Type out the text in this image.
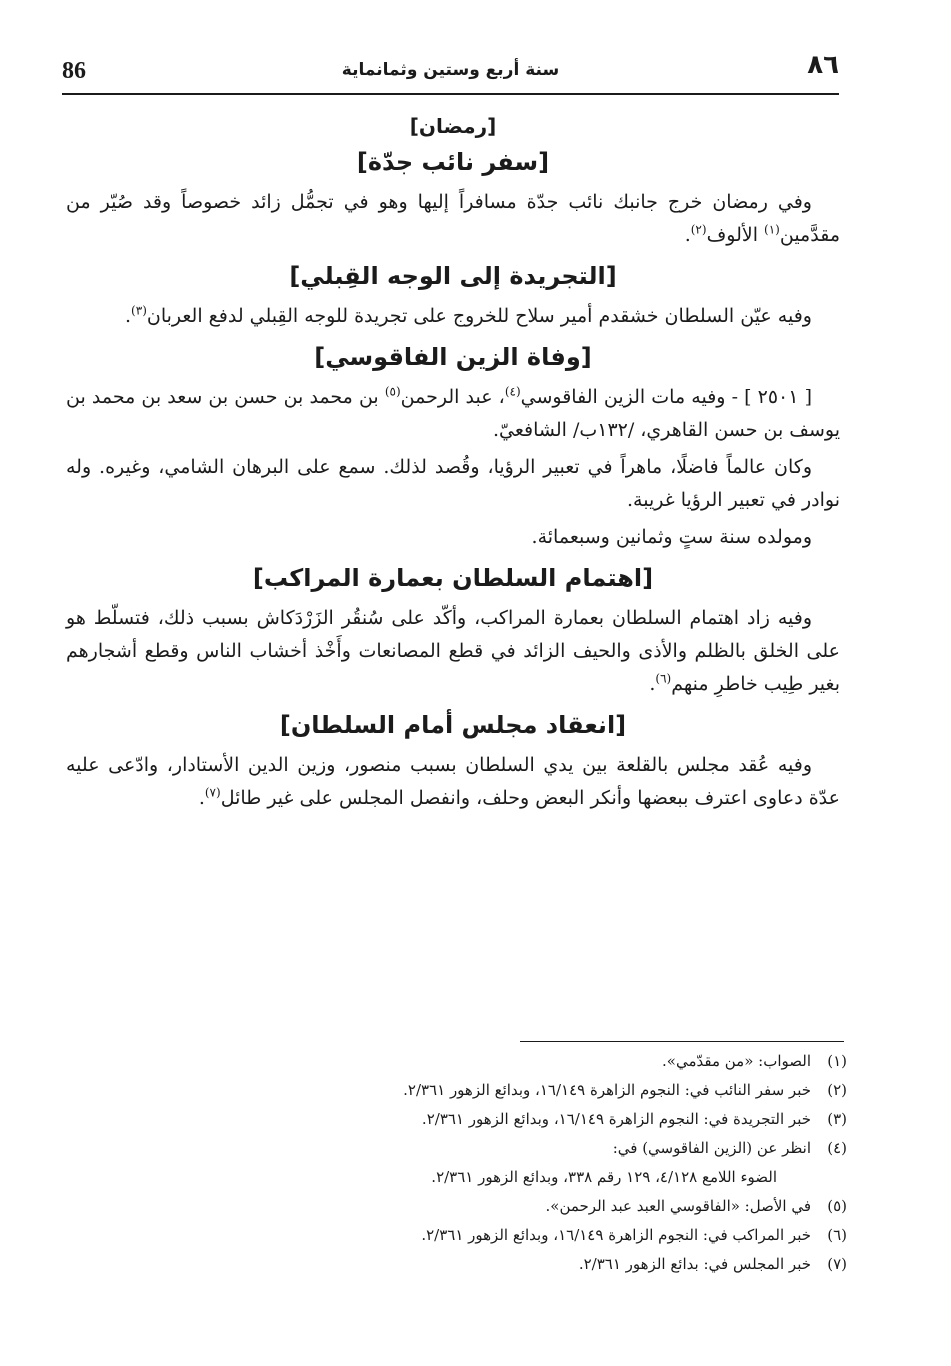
86	سنة أربع وستين وثمانماية	٨٦
[رمضان]
[سفر نائب جدّة]

وفي رمضان خرج جانبك نائب جدّة مسافراً إليها وهو في تجمُّل زائد خصوصاً وقد صُيّر من مقدَّمين$^{(١)}$ الألوف$^{(٢)}$.

[التجريدة إلى الوجه القِبلي]

وفيه عيّن السلطان خشقدم أمير سلاح للخروج على تجريدة للوجه القِبلي لدفع العربان$^{(٣)}$.

[وفاة الزين الفاقوسي]

[ ٢٥٠١ ] - وفيه مات الزين الفاقوسي$^{(٤)}$، عبد الرحمن$^{(٥)}$ بن محمد بن حسن بن سعد بن محمد بن يوسف بن حسن القاهري، /١٣٢ب/ الشافعيّ.

وكان عالماً فاضلًا، ماهراً في تعبير الرؤيا، وقُصد لذلك. سمع على البرهان الشامي، وغيره. وله نوادر في تعبير الرؤيا غريبة.

ومولده سنة ستٍ وثمانين وسبعمائة.

[اهتمام السلطان بعمارة المراكب]

وفيه زاد اهتمام السلطان بعمارة المراكب، وأكّد على سُنقُر الزَرْدَكاش بسبب ذلك، فتسلّط هو على الخلق بالظلم والأذى والحيف الزائد في قطع المصانعات وأَخْذ أخشاب الناس وقطع أشجارهم بغير طِيب خاطرِ منهم$^{(٦)}$.

[انعقاد مجلس أمام السلطان]

وفيه عُقد مجلس بالقلعة بين يدي السلطان بسبب منصور، وزين الدين الأستادار، وادّعى عليه عدّة دعاوى اعترف ببعضها وأنكر البعض وحلف، وانفصل المجلس على غير طائل$^{(٧)}$.

(١)
الصواب: «من مقدّمي».
(٢)
خبر سفر النائب في: النجوم الزاهرة ١٦/١٤٩، وبدائع الزهور ٢/٣٦١.
(٣)
خبر التجريدة في: النجوم الزاهرة ١٦/١٤٩، وبدائع الزهور ٢/٣٦١.
(٤)
انظر عن (الزين الفاقوسي) في:
الضوء اللامع ٤/١٢٨، ١٢٩ رقم ٣٣٨، وبدائع الزهور ٢/٣٦١.
(٥)
في الأصل: «الفاقوسي العبد عبد الرحمن».
(٦)
خبر المراكب في: النجوم الزاهرة ١٦/١٤٩، وبدائع الزهور ٢/٣٦١.
(٧)
خبر المجلس في: بدائع الزهور ٢/٣٦١.
